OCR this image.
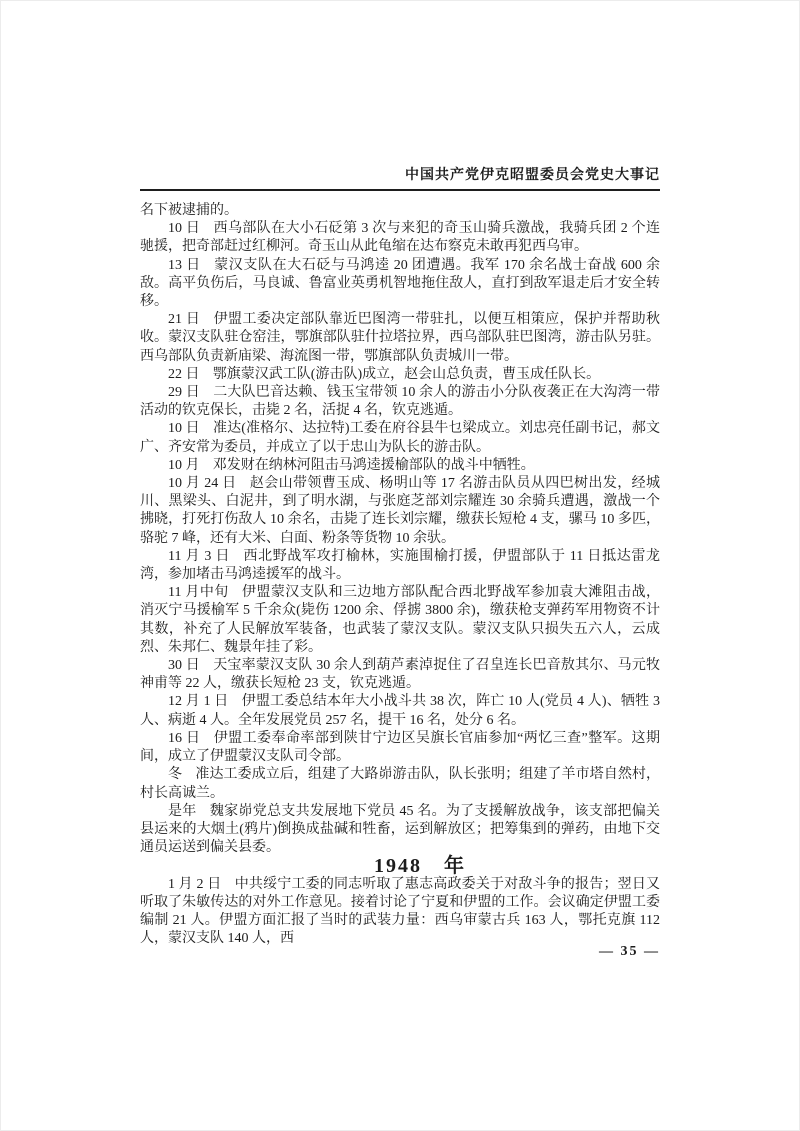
中国共产党伊克昭盟委员会党史大事记

名下被逮捕的。

10 日 西乌部队在大小石砭第 3 次与来犯的奇玉山骑兵激战，我骑兵团 2 个连驰援，把奇部赶过红柳河。奇玉山从此龟缩在达布察克未敢再犯西乌审。

13 日 蒙汉支队在大石砭与马鸿逵 20 团遭遇。我军 170 余名战士奋战 600 余敌。高平负伤后，马良诚、鲁富业英勇机智地拖住敌人，直打到敌军退走后才安全转移。

21 日 伊盟工委决定部队靠近巴图湾一带驻扎，以便互相策应，保护并帮助秋收。蒙汉支队驻仓窑洼，鄂旗部队驻什拉塔拉界，西乌部队驻巴图湾，游击队另驻。西乌部队负责新庙梁、海流图一带，鄂旗部队负责城川一带。

22 日 鄂旗蒙汉武工队(游击队)成立，赵会山总负责，曹玉成任队长。

29 日 二大队巴音达赖、钱玉宝带领 10 余人的游击小分队夜袭正在大沟湾一带活动的钦克保长，击毙 2 名，活捉 4 名，钦克逃遁。

10 日 准达(准格尔、达拉特)工委在府谷县牛乜梁成立。刘忠亮任副书记，郝文广、齐安常为委员，并成立了以于忠山为队长的游击队。

10 月 邓发财在纳林河阻击马鸿逵援榆部队的战斗中牺牲。

10 月 24 日 赵会山带领曹玉成、杨明山等 17 名游击队员从四巴树出发，经城川、黑梁头、白泥井，到了明水湖，与张庭芝部刘宗耀连 30 余骑兵遭遇，激战一个拂晓，打死打伤敌人 10 余名，击毙了连长刘宗耀，缴获长短枪 4 支，骡马 10 多匹，骆驼 7 峰，还有大米、白面、粉条等货物 10 余驮。

11 月 3 日 西北野战军攻打榆林，实施围榆打援，伊盟部队于 11 日抵达雷龙湾，参加堵击马鸿逵援军的战斗。

11 月中旬 伊盟蒙汉支队和三边地方部队配合西北野战军参加袁大滩阻击战，消灭宁马援榆军 5 千余众(毙伤 1200 余、俘掳 3800 余)，缴获枪支弹药军用物资不计其数，补充了人民解放军装备，也武装了蒙汉支队。蒙汉支队只损失五六人，云成烈、朱邦仁、魏景年挂了彩。

30 日 天宝率蒙汉支队 30 余人到葫芦素淖捉住了召皇连长巴音敖其尔、马元牧神甫等 22 人，缴获长短枪 23 支，钦克逃遁。

12 月 1 日 伊盟工委总结本年大小战斗共 38 次，阵亡 10 人(党员 4 人)、牺牲 3 人、病逝 4 人。全年发展党员 257 名，提干 16 名，处分 6 名。

16 日 伊盟工委奉命率部到陕甘宁边区吴旗长官庙参加“两忆三查”整军。这期间，成立了伊盟蒙汉支队司令部。

冬 准达工委成立后，组建了大路峁游击队，队长张明；组建了羊市塔自然村，村长高诚兰。

是年 魏家峁党总支共发展地下党员 45 名。为了支援解放战争，该支部把偏关县运来的大烟土(鸦片)倒换成盐碱和牲畜，运到解放区；把筹集到的弹药，由地下交通员运送到偏关县委。

1948　年

1 月 2 日 中共绥宁工委的同志听取了惠志高政委关于对敌斗争的报告；翌日又听取了朱敏传达的对外工作意见。接着讨论了宁夏和伊盟的工作。会议确定伊盟工委编制 21 人。伊盟方面汇报了当时的武装力量：西乌审蒙古兵 163 人，鄂托克旗 112 人，蒙汉支队 140 人，西

— 35 —
